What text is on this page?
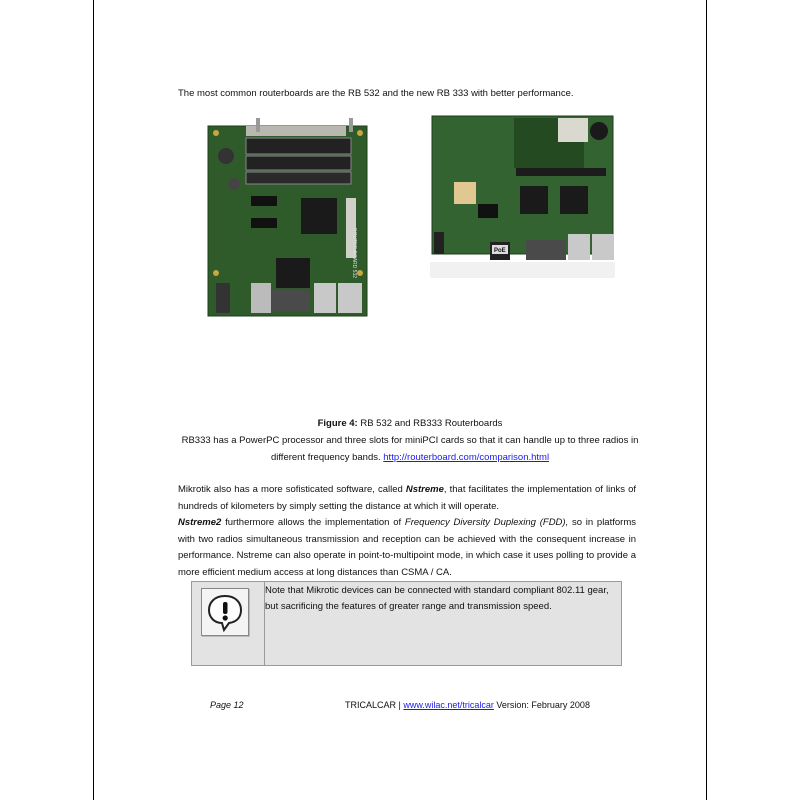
The most common routerboards are the RB 532 and the new RB 333 with better performance.
ROUTER BOARD 532	PoE
Figure 4: RB 532 and RB333 Routerboards
RB333 has a PowerPC processor and three slots for miniPCI cards so that it can handle up to three radios in different frequency bands. http://routerboard.com/comparison.html
Mikrotik also has a more sofisticated software, called Nstreme, that facilitates the implementation of links of hundreds of kilometers by simply setting the distance at which it will operate.
Nstreme2 furthermore allows the implementation of Frequency Diversity Duplexing (FDD), so in platforms with two radios simultaneous transmission and reception can be achieved with the consequent increase in performance. Nstreme can also operate in point-to-multipoint mode, in which case it uses polling to provide a more efficient medium access at long distances than CSMA / CA.
Note that Mikrotic devices can be connected with standard compliant 802.11 gear, but sacrificing the features of greater range and transmission speed.
Page 12	TRICALCAR | www.wilac.net/tricalcar Version: February 2008
